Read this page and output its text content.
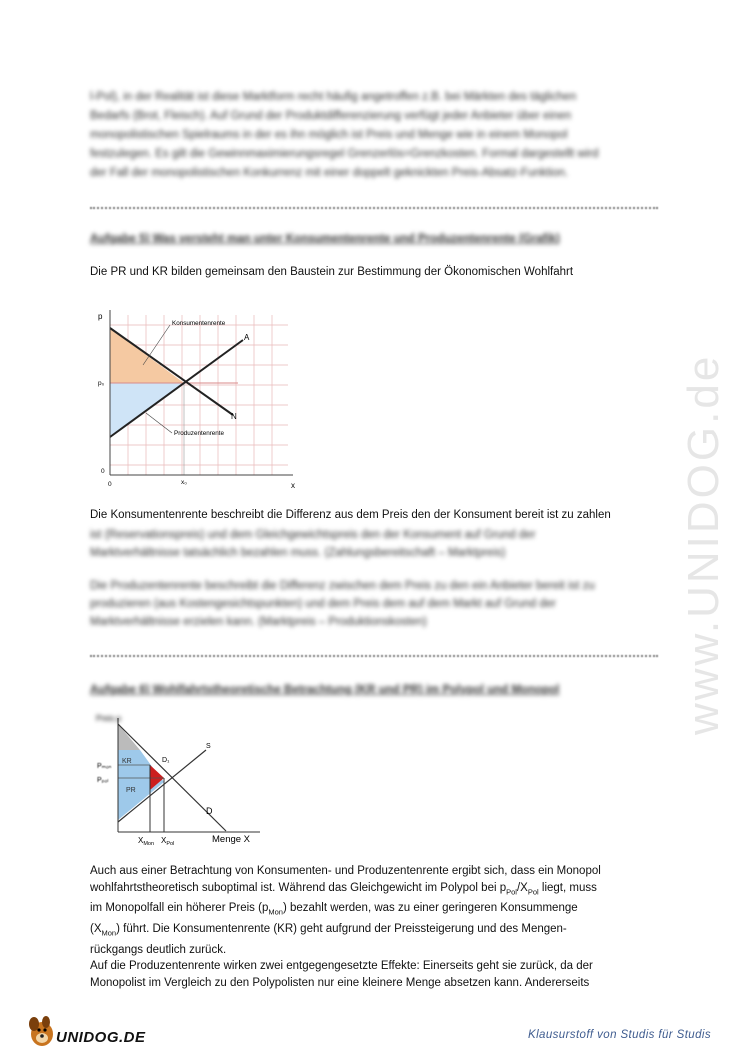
www.UNIDOG.de
l-Pol), in der Realität ist diese Marktform recht häufig angetroffen z.B. bei Märkten des täglichen
Bedarfs (Brot, Fleisch). Auf Grund der Produktdifferenzierung verfügt jeder Anbieter über einen
monopolistischen Spielraums in der es ihn möglich ist Preis und Menge wie in einem Monopol
festzulegen. Es gilt die Gewinnmaximierungsregel Grenzerlös=Grenzkosten. Formal dargestellt wird
der Fall der monopolistischen Konkurrenz mit einer doppelt geknickten Preis-Absatz-Funktion.
Aufgabe 5) Was versteht man unter Konsumentenrente und Produzentenrente (Grafik)
Die PR und KR bilden gemeinsam den Baustein zur Bestimmung der Ökonomischen Wohlfahrt
p
x
0
0
p₀
x₀
A
N
Konsumentenrente
Produzentenrente
Die Konsumentenrente beschreibt die Differenz aus dem Preis den der Konsument bereit ist zu zahlen
ist (Reservationspreis) und dem Gleichgewichtspreis den der Konsument auf Grund der
Marktverhältnisse tatsächlich bezahlen muss. (Zahlungsbereitschaft – Marktpreis)
Die Produzentenrente beschreibt die Differenz zwischen dem Preis zu den ein Anbieter bereit ist zu
produzieren (aus Kostengesichtspunkten) und dem Preis dem auf dem Markt auf Grund der
Marktverhältnisse erzielen kann. (Marktpreis – Produktionskosten)
Aufgabe 6) Wohlfahrtstheoretische Betrachtung (KR und PR) im Polypol und Monopol
Preis p
Menge X
Pₘₒₙ
Pₚₒₗ
KR
PR
D₁
S
D
$X_{Mon}$ $X_{Pol}$
Auch aus einer Betrachtung von Konsumenten- und Produzentenrente ergibt sich, dass ein Monopol
wohlfahrtstheoretisch suboptimal ist. Während das Gleichgewicht im Polypol bei $p_{Pol}/X_{Pol}$ liegt, muss
im Monopolfall ein höherer Preis $(p_{Mon})$ bezahlt werden, was zu einer geringeren Konsummenge
$(X_{Mon})$ führt. Die Konsumentenrente (KR) geht aufgrund der Preissteigerung und des Mengen-
rückgangs deutlich zurück.
Auf die Produzentenrente wirken zwei entgegengesetzte Effekte: Einerseits geht sie zurück, da der
Monopolist im Vergleich zu den Polypolisten nur eine kleinere Menge absetzen kann. Andererseits
UNIDOG.DE	Klausurstoff von Studis für Studis
